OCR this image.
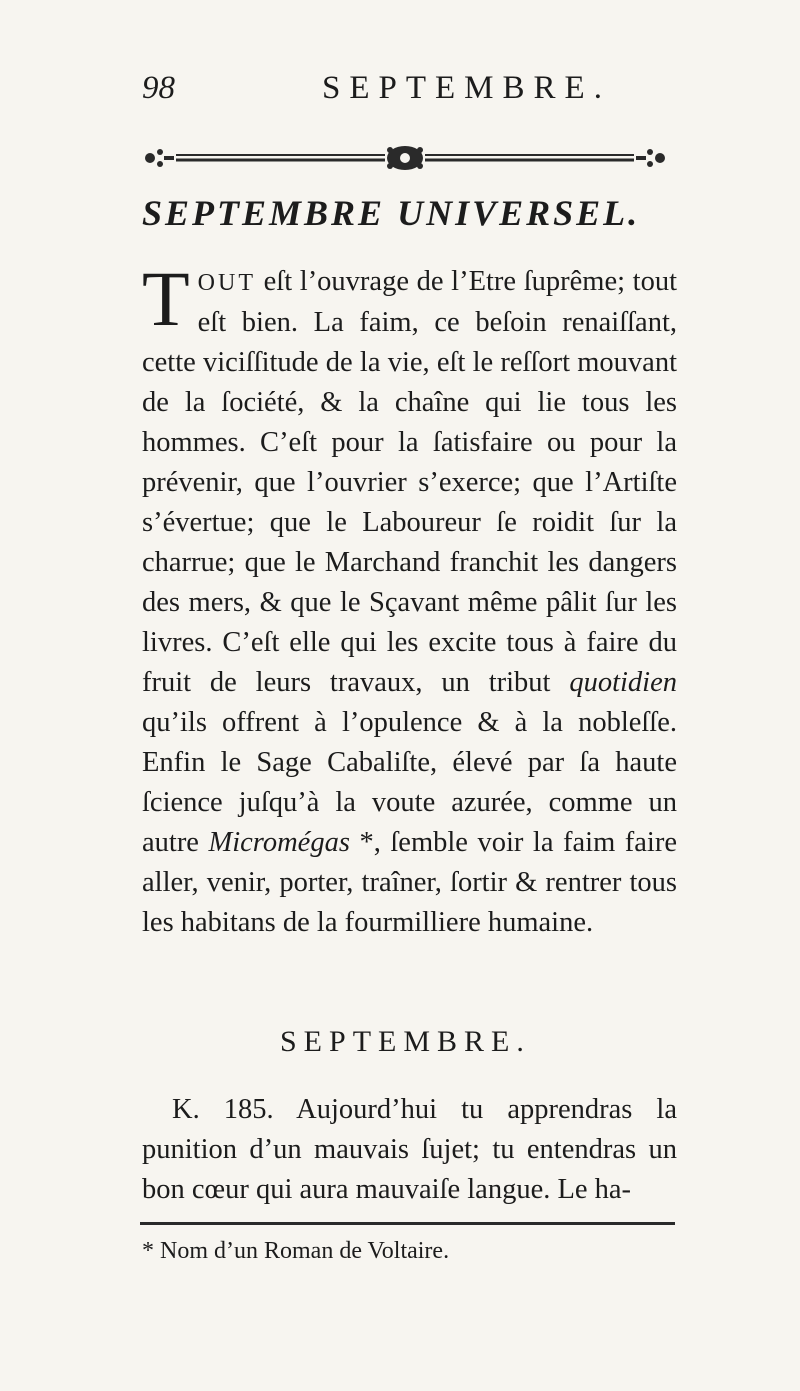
98	SEPTEMBRE.
SEPTEMBRE UNIVERSEL.
TOUT eſt l’ouvrage de l’Etre ſuprême; tout eſt bien. La faim, ce beſoin renaiſſant, cette viciſſitude de la vie, eſt le reſſort mouvant de la ſociété, & la chaîne qui lie tous les hommes. C’eſt pour la ſatisfaire ou pour la prévenir, que l’ouvrier s’exerce; que l’Artiſte s’évertue; que le Laboureur ſe roidit ſur la charrue; que le Marchand franchit les dangers des mers, & que le Sçavant même pâlit ſur les livres. C’eſt elle qui les excite tous à faire du fruit de leurs travaux, un tribut quotidien qu’ils offrent à l’opulence & à la nobleſſe. Enfin le Sage Cabaliſte, élevé par ſa haute ſcience juſqu’à la voute azurée, comme un autre Micromégas *, ſemble voir la faim faire aller, venir, porter, traîner, ſortir & rentrer tous les habitans de la fourmilliere humaine.
SEPTEMBRE.
K. 185. Aujourd’hui tu apprendras la punition d’un mauvais ſujet; tu entendras un bon cœur qui aura mauvaiſe langue. Le ha-
* Nom d’un Roman de Voltaire.
